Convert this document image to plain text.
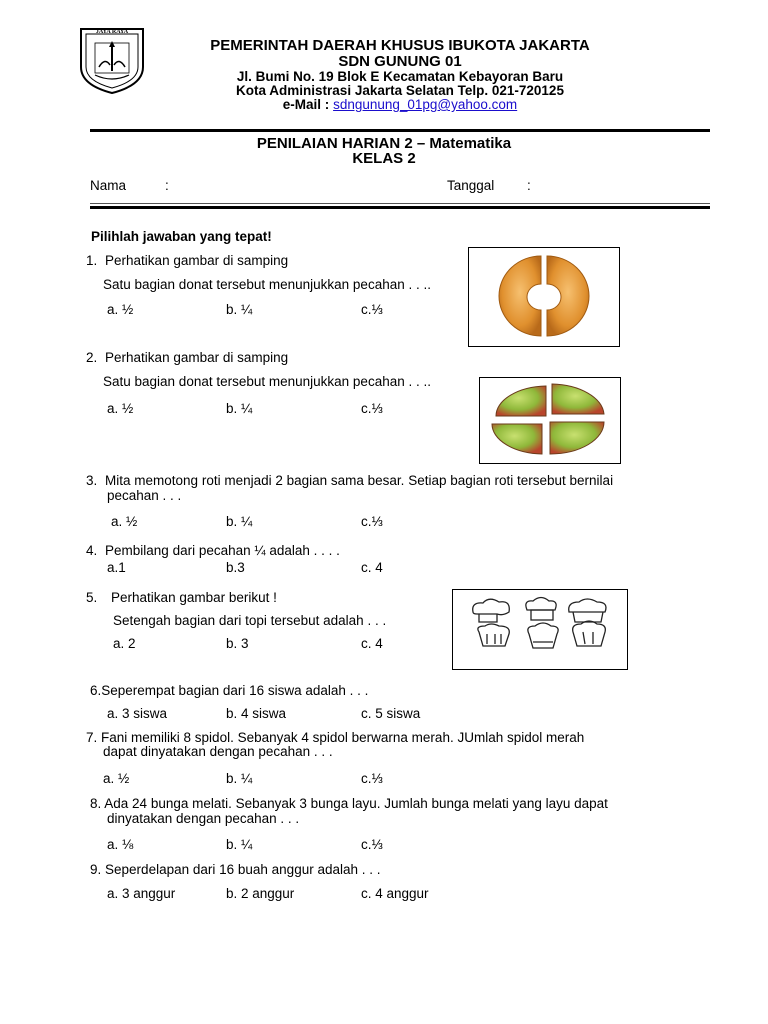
JAYA RAYA
PEMERINTAH DAERAH KHUSUS IBUKOTA JAKARTA
SDN GUNUNG 01
Jl. Bumi No. 19 Blok E Kecamatan Kebayoran Baru
Kota Administrasi Jakarta Selatan Telp. 021-720125
e-Mail : sdngunung_01pg@yahoo.com
PENILAIAN HARIAN 2 – Matematika
KELAS 2
Nama	:	Tanggal :
Pilihlah jawaban yang tepat!
1. Perhatikan gambar di samping
Satu bagian donat tersebut menunjukkan pecahan . . ..
a. ½	b. ¼	c.⅓
2. Perhatikan gambar di samping
Satu bagian donat tersebut menunjukkan pecahan . . ..
a. ½	b. ¼	c.⅓
3. Mita memotong roti menjadi 2 bagian sama besar. Setiap bagian roti tersebut bernilai
pecahan . . .
a. ½	b. ¼	c.⅓
4. Pembilang dari pecahan ¼ adalah . . . .
a.1	b.3	c. 4
5. Perhatikan gambar berikut !
Setengah bagian dari topi tersebut adalah . . .
a. 2	b. 3	c. 4
6.Seperempat bagian dari 16 siswa adalah . . .
a. 3 siswa	b. 4 siswa	c. 5 siswa
7. Fani memiliki 8 spidol. Sebanyak 4 spidol berwarna merah. JUmlah spidol merah
dapat dinyatakan dengan pecahan . . .
a. ½	b. ¼	c.⅓
8. Ada 24 bunga melati. Sebanyak 3 bunga layu. Jumlah bunga melati yang layu dapat
dinyatakan dengan pecahan . . .
a. ⅛	b. ¼	c.⅓
9. Seperdelapan dari 16 buah anggur adalah . . .
a. 3 anggur	b. 2 anggur	c. 4 anggur
